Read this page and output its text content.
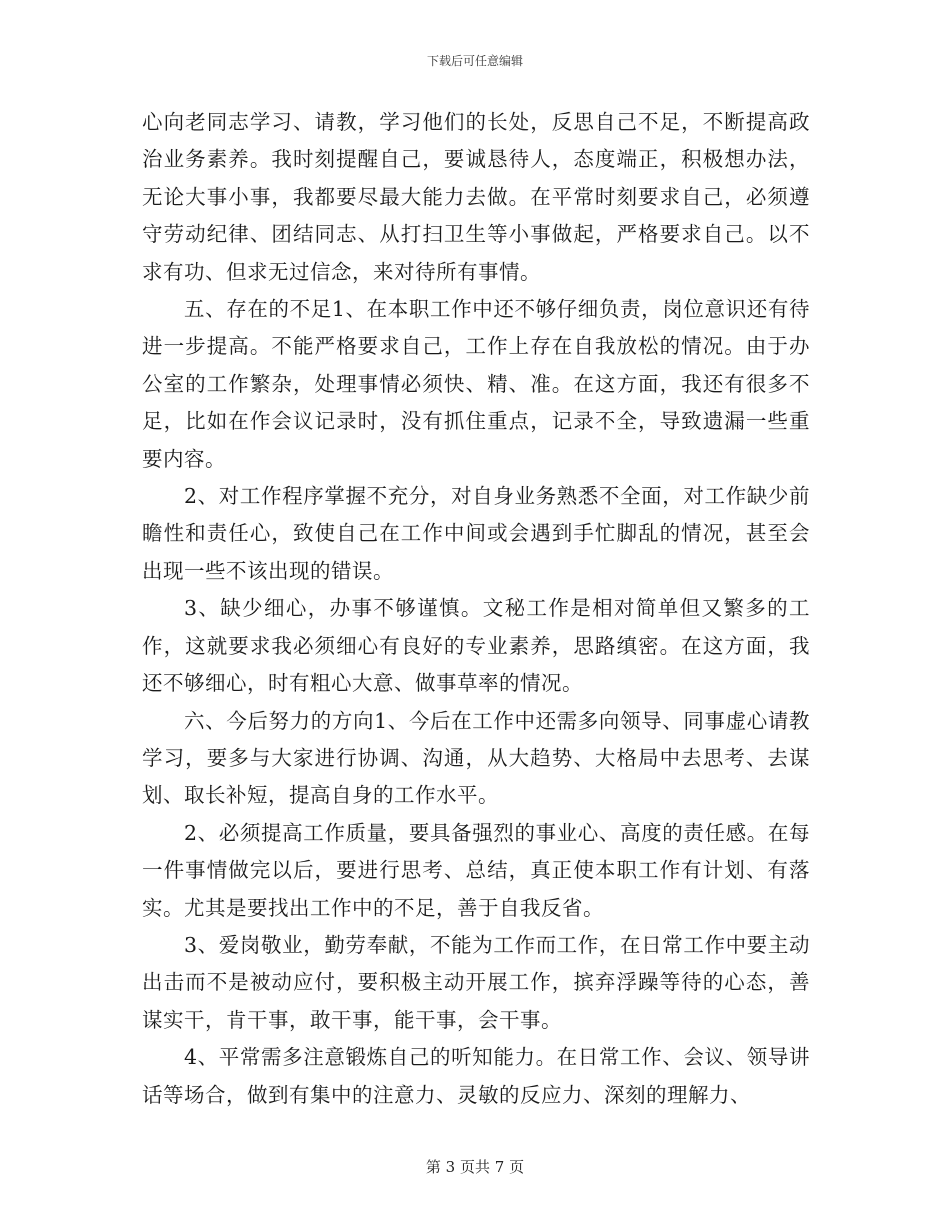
下载后可任意编辑

心向老同志学习、请教，学习他们的长处，反思自己不足，不断提高政治业务素养。我时刻提醒自己，要诚恳待人，态度端正，积极想办法，无论大事小事，我都要尽最大能力去做。在平常时刻要求自己，必须遵守劳动纪律、团结同志、从打扫卫生等小事做起，严格要求自己。以不求有功、但求无过信念，来对待所有事情。

五、存在的不足1、在本职工作中还不够仔细负责，岗位意识还有待进一步提高。不能严格要求自己，工作上存在自我放松的情况。由于办公室的工作繁杂，处理事情必须快、精、准。在这方面，我还有很多不足，比如在作会议记录时，没有抓住重点，记录不全，导致遗漏一些重要内容。

2、对工作程序掌握不充分，对自身业务熟悉不全面，对工作缺少前瞻性和责任心，致使自己在工作中间或会遇到手忙脚乱的情况，甚至会出现一些不该出现的错误。

3、缺少细心，办事不够谨慎。文秘工作是相对简单但又繁多的工作，这就要求我必须细心有良好的专业素养，思路缜密。在这方面，我还不够细心，时有粗心大意、做事草率的情况。

六、今后努力的方向1、今后在工作中还需多向领导、同事虚心请教学习，要多与大家进行协调、沟通，从大趋势、大格局中去思考、去谋划、取长补短，提高自身的工作水平。

2、必须提高工作质量，要具备强烈的事业心、高度的责任感。在每一件事情做完以后，要进行思考、总结，真正使本职工作有计划、有落实。尤其是要找出工作中的不足，善于自我反省。

3、爱岗敬业，勤劳奉献，不能为工作而工作，在日常工作中要主动出击而不是被动应付，要积极主动开展工作，摈弃浮躁等待的心态，善谋实干，肯干事，敢干事，能干事，会干事。

4、平常需多注意锻炼自己的听知能力。在日常工作、会议、领导讲话等场合，做到有集中的注意力、灵敏的反应力、深刻的理解力、

第 3 页共 7 页
